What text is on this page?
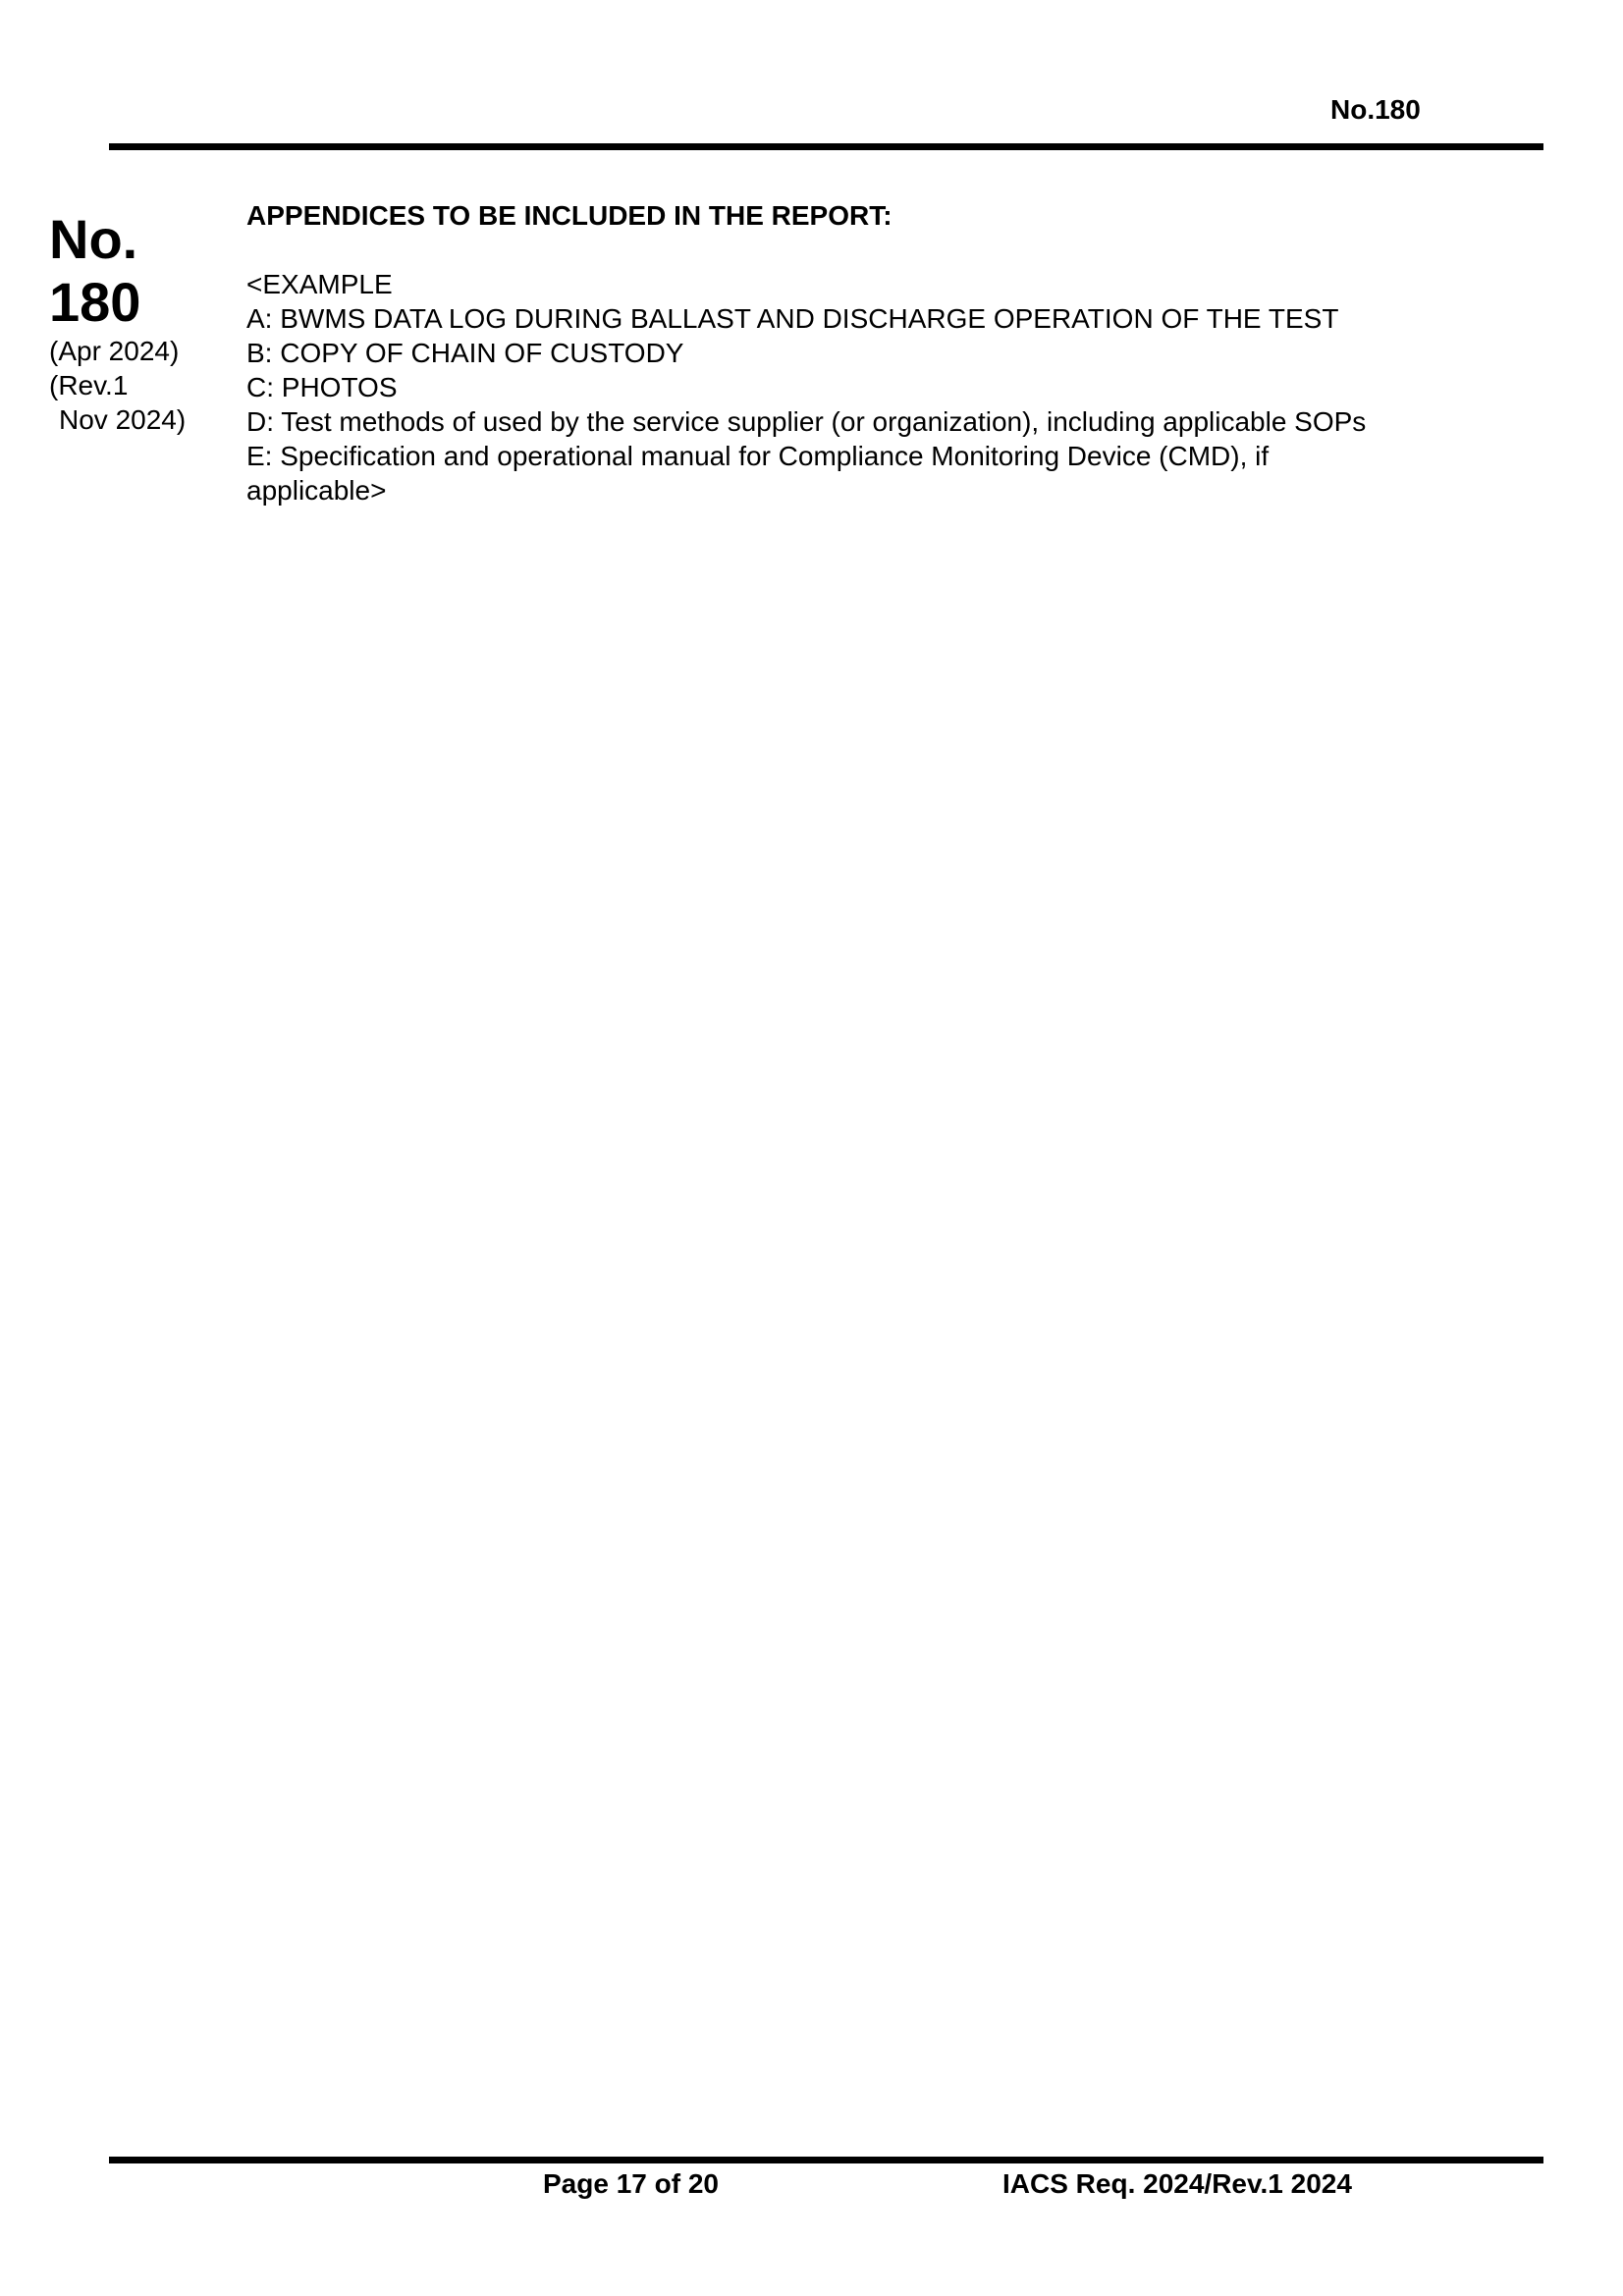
No.180
No.
180
(Apr 2024)
(Rev.1
Nov 2024)
APPENDICES TO BE INCLUDED IN THE REPORT:
<EXAMPLE
A: BWMS DATA LOG DURING BALLAST AND DISCHARGE OPERATION OF THE TEST
B: COPY OF CHAIN OF CUSTODY
C: PHOTOS
D: Test methods of used by the service supplier (or organization), including applicable SOPs
E: Specification and operational manual for Compliance Monitoring Device (CMD), if
applicable>
Page 17 of 20	IACS Req. 2024/Rev.1 2024
